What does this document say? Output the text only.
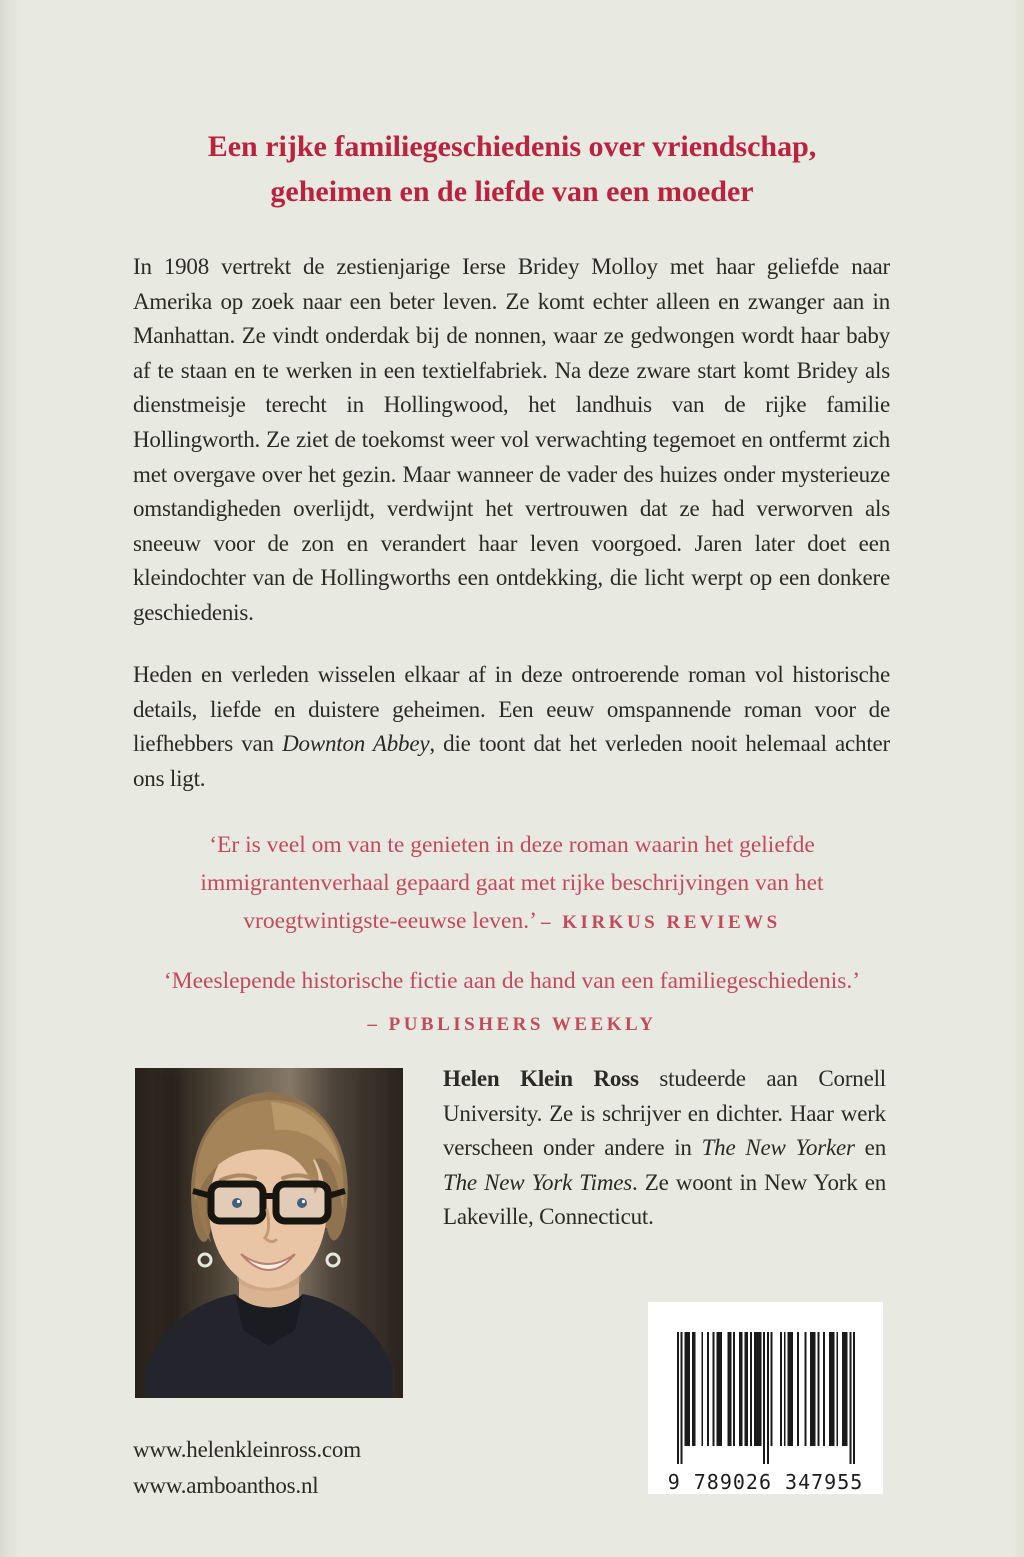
Een rijke familiegeschiedenis over vriendschap,
geheimen en de liefde van een moeder

In 1908 vertrekt de zestienjarige Ierse Bridey Molloy met haar geliefde naar Amerika op zoek naar een beter leven. Ze komt echter alleen en zwanger aan in Manhattan. Ze vindt onderdak bij de nonnen, waar ze gedwongen wordt haar baby af te staan en te werken in een textielfabriek. Na deze zware start komt Bridey als dienstmeisje terecht in Hollingwood, het landhuis van de rijke familie Hollingworth. Ze ziet de toekomst weer vol verwachting tegemoet en ontfermt zich met overgave over het gezin. Maar wanneer de vader des huizes onder mysterieuze omstandigheden overlijdt, verdwijnt het vertrouwen dat ze had verworven als sneeuw voor de zon en verandert haar leven voorgoed. Jaren later doet een kleindochter van de Hollingworths een ontdekking, die licht werpt op een donkere geschiedenis.

Heden en verleden wisselen elkaar af in deze ontroerende roman vol historische details, liefde en duistere geheimen. Een eeuw omspannende roman voor de liefhebbers van Downton Abbey, die toont dat het verleden nooit helemaal achter ons ligt.

‘Er is veel om van te genieten in deze roman waarin het geliefde immigrantenverhaal gepaard gaat met rijke beschrijvingen van het vroegtwintigste-eeuwse leven.’ – KIRKUS REVIEWS
‘Meeslepende historische fictie aan de hand van een familiegeschiedenis.’
– PUBLISHERS WEEKLY

Helen Klein Ross studeerde aan Cornell University. Ze is schrijver en dichter. Haar werk verscheen onder andere in The New Yorker en The New York Times. Ze woont in New York en Lakeville, Connecticut.

www.helenkleinross.com
www.amboanthos.nl	9 789026 347955
